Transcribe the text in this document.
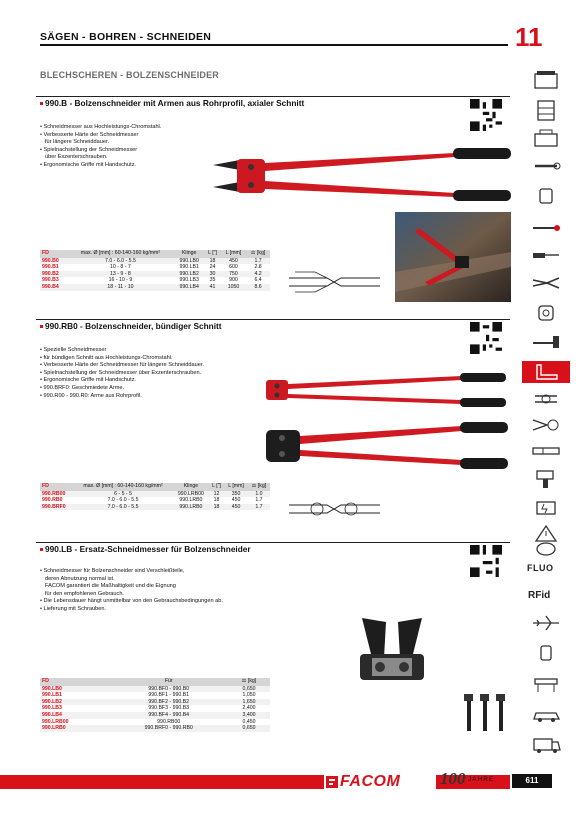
SÄGEN - BOHREN - SCHNEIDEN	11
BLECHSCHEREN - BOLZENSCHNEIDER
990.B - Bolzenschneider mit Armen aus Rohrprofil, axialer Schnitt
• Schneidmesser aus Hochleistungs-Chromstahl.
• Verbesserte Härte der Schneidmesser
für längere Schneiddauer.
• Spielnachstellung der Schneidmesser
über Exzenterschrauben.
• Ergonomische Griffe mit Handschutz.
FD	max. Ø [mm] : 60-140-160 kg/mm²	Klinge	L ["]	L [mm]	⚖ [kg]
990.B0	7.0 - 6.0 - 5.5	990.LB0	18	450	1.7
990.B1	10 - 8 - 7	990.LB1	24	600	2.8
990.B2	13 - 9 - 8	990.LB2	30	750	4.2
990.B3	16 - 10 - 9	990.LB3	35	900	6.4
990.B4	18 - 11 - 10	990.LB4	41	1050	8.6
990.RB0 - Bolzenschneider, bündiger Schnitt
• Spezielle Schneidmesser
• für bündigen Schnitt aus Hochleistungs-Chromstahl.
• Verbesserte Härte der Schneidmesser für längere Schneiddauer.
• Spielnachstellung der Schneidmesser über Exzenterschrauben.
• Ergonomische Griffe mit Handschutz.
• 990.BRF0: Geschmiedete Arme.
• 990.R00 - 990.R0: Arme aus Rohrprofil.
FD	max. Ø [mm] : 60-140-160 kg/mm²	Klinge	L ["]	L [mm]	⚖ [kg]
990.RB00	6 - 5 - 5	990.LRB00	12	350	1.0
990.RB0	7.0 - 6.0 - 5.5	990.LRB0	18	450	1.7
990.BRF0	7.0 - 6.0 - 5.5	990.LRB0	18	450	1.7
990.LB - Ersatz-Schneidmesser für Bolzenschneider
• Schneidmesser für Bolzenschneider sind Verschleißteile,
deren Abnutzung normal ist.
FACOM garantiert die Maßhaltigkeit und die Eignung
für den empfohlenen Gebrauch.
• Die Lebensdauer hängt unmittelbar von den Gebrauchsbedingungen ab.
• Lieferung mit Schrauben.
FD	Für	⚖ [kg]
990.LB0	990.BF0 - 990.B0	0,650
990.LB1	990.BF1 - 990.B1	1,050
990.LB2	990.BF2 - 990.B2	1,650
990.LB3	990.BF3 - 990.B3	2,400
990.LB4	990.BF4 - 990.B4	3,400
990.LRB00	990.RB00	0,450
990.LRB0	990.BRF0 - 990.RB0	0,650
FLUO
RFid
FACOM 100 JAHRE	611
